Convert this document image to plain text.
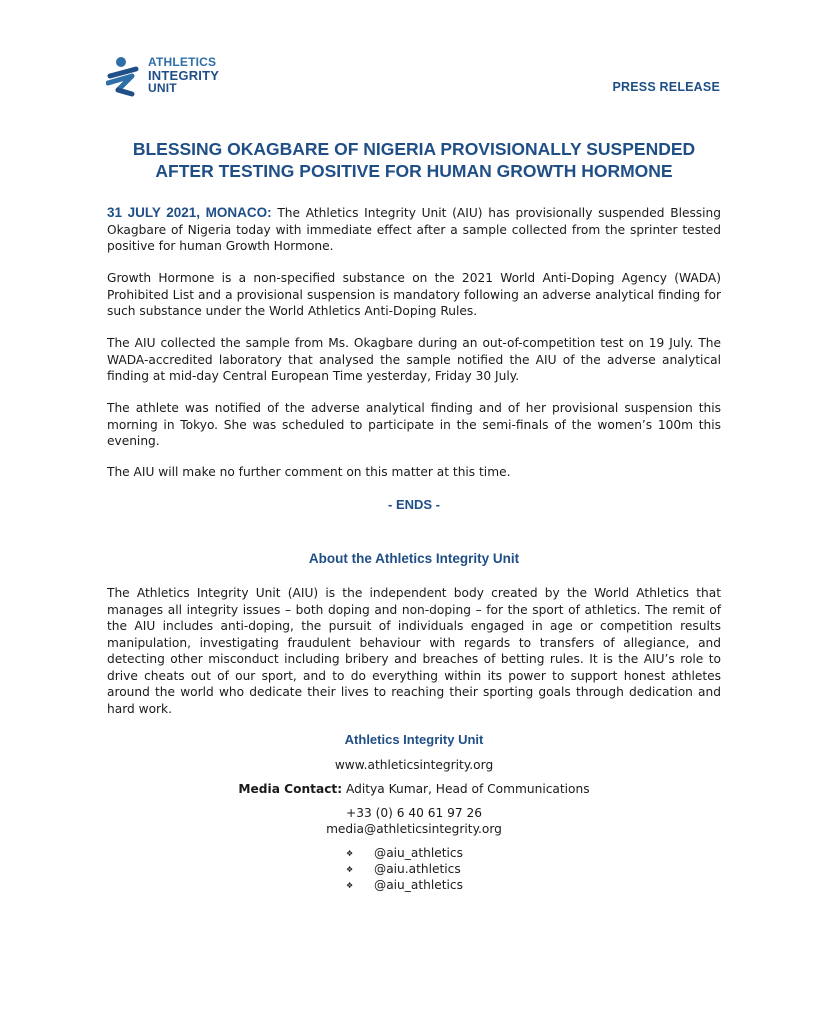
ATHLETICS
INTEGRITY
UNIT	PRESS RELEASE
BLESSING OKAGBARE OF NIGERIA PROVISIONALLY SUSPENDED
AFTER TESTING POSITIVE FOR HUMAN GROWTH HORMONE
31 JULY 2021, MONACO: The Athletics Integrity Unit (AIU) has provisionally suspended Blessing Okagbare of Nigeria today with immediate effect after a sample collected from the sprinter tested positive for human Growth Hormone.
Growth Hormone is a non-specified substance on the 2021 World Anti-Doping Agency (WADA) Prohibited List and a provisional suspension is mandatory following an adverse analytical finding for such substance under the World Athletics Anti-Doping Rules.
The AIU collected the sample from Ms. Okagbare during an out-of-competition test on 19 July. The WADA-accredited laboratory that analysed the sample notified the AIU of the adverse analytical finding at mid-day Central European Time yesterday, Friday 30 July.
The athlete was notified of the adverse analytical finding and of her provisional suspension this morning in Tokyo. She was scheduled to participate in the semi-finals of the women’s 100m this evening.
The AIU will make no further comment on this matter at this time.
- ENDS -
About the Athletics Integrity Unit
The Athletics Integrity Unit (AIU) is the independent body created by the World Athletics that manages all integrity issues – both doping and non-doping – for the sport of athletics. The remit of the AIU includes anti-doping, the pursuit of individuals engaged in age or competition results manipulation, investigating fraudulent behaviour with regards to transfers of allegiance, and detecting other misconduct including bribery and breaches of betting rules. It is the AIU’s role to drive cheats out of our sport, and to do everything within its power to support honest athletes around the world who dedicate their lives to reaching their sporting goals through dedication and hard work.
Athletics Integrity Unit
www.athleticsintegrity.org
Media Contact: Aditya Kumar, Head of Communications
+33 (0) 6 40 61 97 26
media@athleticsintegrity.org
❖	@aiu_athletics
❖	@aiu.athletics
❖	@aiu_athletics
